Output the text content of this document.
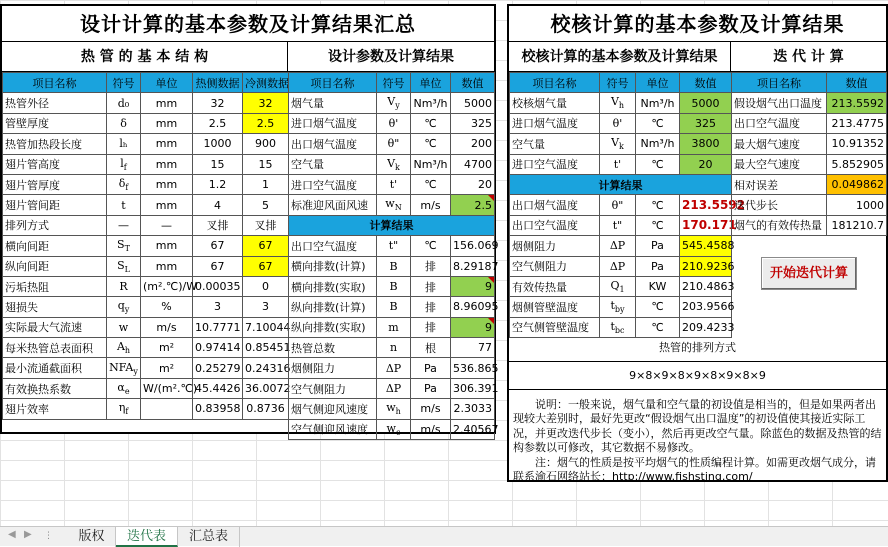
设计计算的基本参数及计算结果汇总
热 管 的 基 本 结 构	设计参数及计算结果
项目名称	符号	单位	热侧数据	冷测数据
热管外径	d₀	mm	32	32
管壁厚度	δ	mm	2.5	2.5
热管加热段长度	lₕ	mm	1000	900
翅片管高度	$l_f$	mm	15	15
翅片管厚度	$\delta_f$	mm	1.2	1
翅片管间距	t	mm	4	5
排列方式	—	—	叉排	叉排
横向间距	$S_T$	mm	67	67
纵向间距	$S_L$	mm	67	67
污垢热阻	R	(m².℃)/W	0.00035	0
翅损失	$q_y$	%	3	3
实际最大气流速	w	m/s	10.7771	7.10044
每米热管总表面积	$A_h$	m²	0.97414	0.85451
最小流通截面积	$NFA_y$	m²	0.25279	0.24316
有效换热系数	$\alpha_e$	W/(m².℃)	45.4426	36.0072
翅片效率	$\eta_f$		0.83958	0.8736
项目名称	符号	单位	数值
烟气量	$V_y$	Nm³/h	5000
进口烟气温度	θ'	℃	325
出口烟气温度	θ"	℃	200
空气量	$V_k$	Nm³/h	4700
进口空气温度	t'	℃	20
标准迎风面风速	$w_N$	m/s	2.5
计算结果			
出口空气温度	t"	℃	156.069
横向排数(计算)	B	排	8.29187
横向排数(实取)	B	排	9
纵向排数(计算)	B	排	8.96095
纵向排数(实取)	m	排	9
热管总数	n	根	77
烟侧阻力	ΔP	Pa	536.865
空气侧阻力	ΔP	Pa	306.391
烟气侧迎风速度	$w_h$	m/s	2.3033
空气侧迎风速度	$w_c$	m/s	2.40567
校核计算的基本参数及计算结果
校核计算的基本参数及计算结果	迭 代 计 算
项目名称	符号	单位	数值
校核烟气量	$V_h$	Nm³/h	5000
进口烟气温度	θ'	℃	325
空气量	$V_k$	Nm³/h	3800
进口空气温度	t'	℃	20
计算结果			
出口烟气温度	θ"	℃	213.5592
出口空气温度	t"	℃	170.171
烟侧阻力	ΔP	Pa	545.4588
空气侧阻力	ΔP	Pa	210.9236
有效传热量	$Q_1$	KW	210.4863
烟侧管壁温度	$t_{by}$	℃	203.9566
空气侧管壁温度	$t_{bc}$	℃	209.4233
项目名称	数值
假设烟气出口温度	213.5592
出口空气温度	213.4775
最大烟气速度	10.91352
最大空气速度	5.852905
相对误差	0.049862
迭代步长	1000
烟气的有效传热量	181210.7
开始迭代计算
热管的排列方式
9×8×9×8×9×8×9×8×9

说明：一般来说，烟气量和空气量的初设值是相当的，但是如果两者出现较大差别时，最好先更改“假设烟气出口温度”的初设值使其接近实际工况，并更改迭代步长（变小），然后再更改空气量。除蓝色的数据及热管的结构参数以可修改，其它数据不易修改。

注：烟气的性质是按平均烟气的性质编程计算。如需更改烟气成分，请联系渝石网络站长：http://www.fishsting.com/

◀ ▶ ⋮	版权	迭代表	汇总表
